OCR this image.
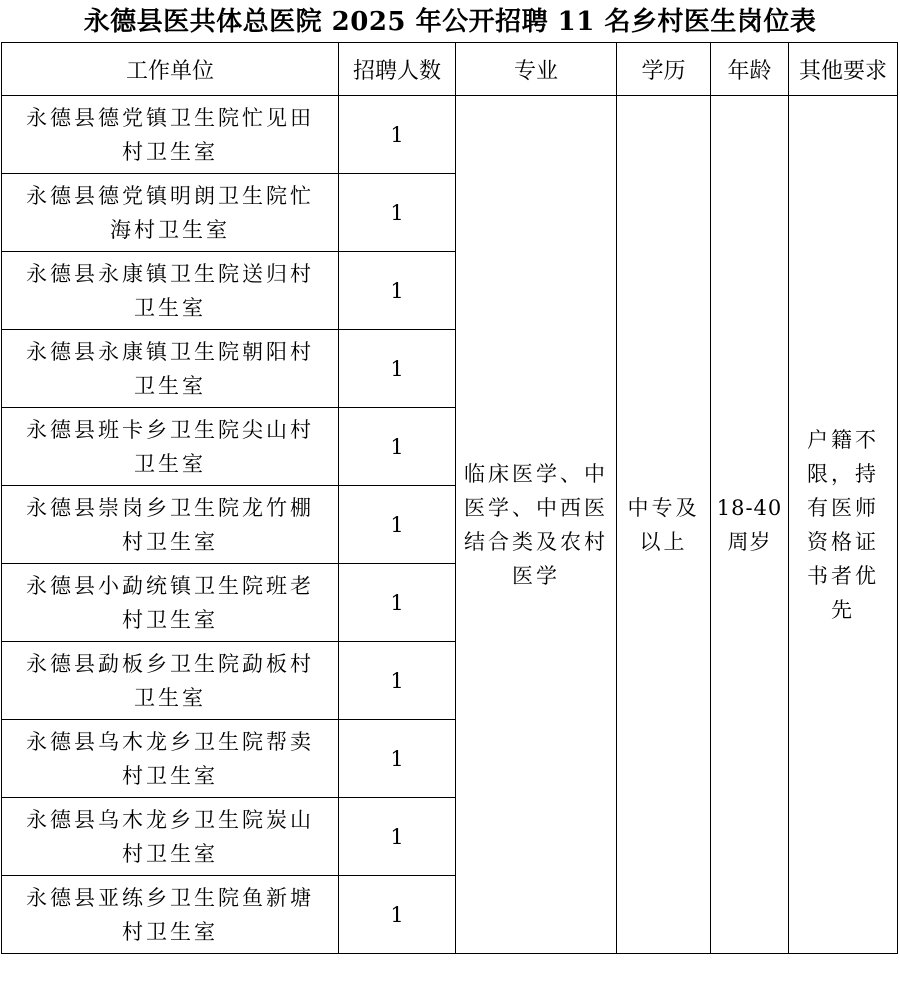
永德县医共体总医院 2025 年公开招聘 11 名乡村医生岗位表
工作单位	招聘人数	专业	学历	年龄	其他要求
永德县德党镇卫生院忙见田村卫生室	1	临床医学、中医学、中西医结合类及农村医学	中专及以上	18-40周岁	户籍不限，持有医师资格证书者优先
永德县德党镇明朗卫生院忙海村卫生室	1				
永德县永康镇卫生院送归村卫生室	1				
永德县永康镇卫生院朝阳村卫生室	1				
永德县班卡乡卫生院尖山村卫生室	1				
永德县崇岗乡卫生院龙竹棚村卫生室	1				
永德县小勐统镇卫生院班老村卫生室	1				
永德县勐板乡卫生院勐板村卫生室	1				
永德县乌木龙乡卫生院帮卖村卫生室	1				
永德县乌木龙乡卫生院炭山村卫生室	1				
永德县亚练乡卫生院鱼新塘村卫生室	1				
